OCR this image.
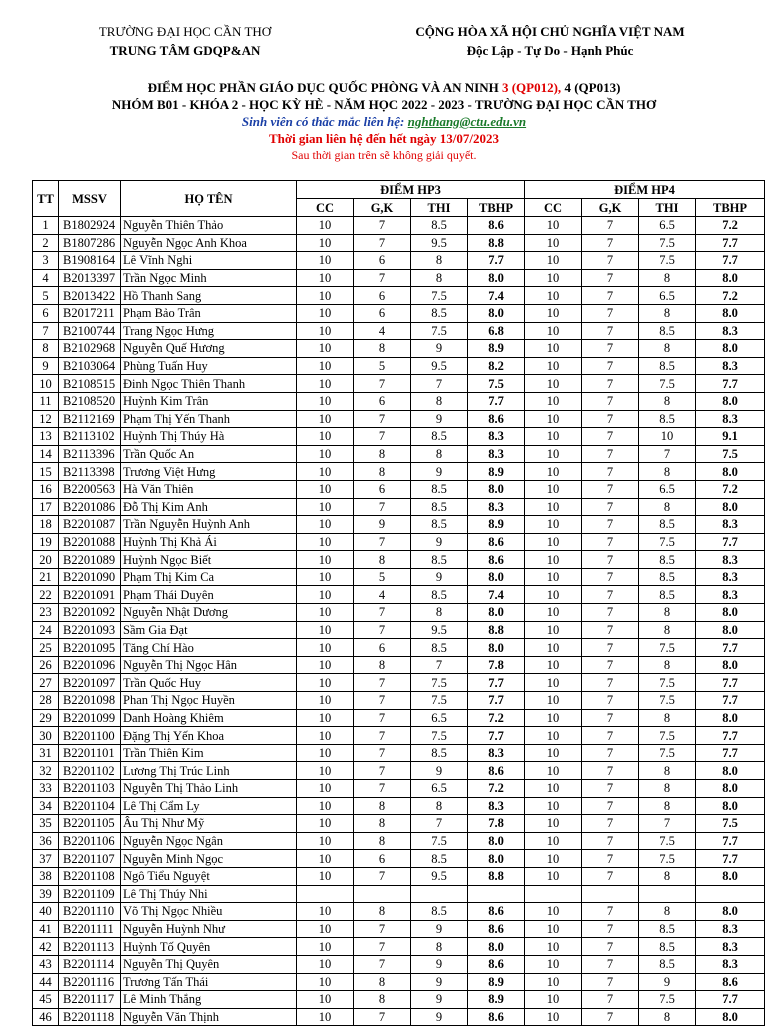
TRƯỜNG ĐẠI HỌC CẦN THƠ
TRUNG TÂM GDQP&AN
CỘNG HÒA XÃ HỘI CHỦ NGHĨA VIỆT NAM
Độc Lập - Tự Do - Hạnh Phúc
ĐIỂM HỌC PHẦN GIÁO DỤC QUỐC PHÒNG VÀ AN NINH 3 (QP012), 4 (QP013)
NHÓM B01 - KHÓA 2 - HỌC KỲ HÈ - NĂM HỌC 2022 - 2023 - TRƯỜNG ĐẠI HỌC CẦN THƠ
Sinh viên có thắc mắc liên hệ: nghthang@ctu.edu.vn
Thời gian liên hệ đến hết ngày 13/07/2023
Sau thời gian trên sẽ không giải quyết.
TT	MSSV	HỌ TÊN	ĐIỂM HP3				ĐIỂM HP4			
			CC	G,K	THI	TBHP	CC	G,K	THI	TBHP
1	B1802924	Nguyễn Thiên Thảo	10	7	8.5	8.6	10	7	6.5	7.2
2	B1807286	Nguyễn Ngọc Anh Khoa	10	7	9.5	8.8	10	7	7.5	7.7
3	B1908164	Lê Vĩnh Nghi	10	6	8	7.7	10	7	7.5	7.7
4	B2013397	Trần Ngọc Minh	10	7	8	8.0	10	7	8	8.0
5	B2013422	Hồ Thanh Sang	10	6	7.5	7.4	10	7	6.5	7.2
6	B2017211	Phạm Bảo Trân	10	6	8.5	8.0	10	7	8	8.0
7	B2100744	Trang Ngọc Hưng	10	4	7.5	6.8	10	7	8.5	8.3
8	B2102968	Nguyễn Quế Hương	10	8	9	8.9	10	7	8	8.0
9	B2103064	Phùng Tuấn Huy	10	5	9.5	8.2	10	7	8.5	8.3
10	B2108515	Đinh Ngọc Thiên Thanh	10	7	7	7.5	10	7	7.5	7.7
11	B2108520	Huỳnh Kim Trân	10	6	8	7.7	10	7	8	8.0
12	B2112169	Phạm Thị Yến Thanh	10	7	9	8.6	10	7	8.5	8.3
13	B2113102	Huỳnh Thị Thúy Hà	10	7	8.5	8.3	10	7	10	9.1
14	B2113396	Trần Quốc An	10	8	8	8.3	10	7	7	7.5
15	B2113398	Trương Việt Hưng	10	8	9	8.9	10	7	8	8.0
16	B2200563	Hà Văn Thiên	10	6	8.5	8.0	10	7	6.5	7.2
17	B2201086	Đỗ Thị Kim Anh	10	7	8.5	8.3	10	7	8	8.0
18	B2201087	Trần Nguyễn Huỳnh Anh	10	9	8.5	8.9	10	7	8.5	8.3
19	B2201088	Huỳnh Thị Khả Ái	10	7	9	8.6	10	7	7.5	7.7
20	B2201089	Huỳnh Ngọc Biết	10	8	8.5	8.6	10	7	8.5	8.3
21	B2201090	Phạm Thị Kim Ca	10	5	9	8.0	10	7	8.5	8.3
22	B2201091	Phạm Thái Duyên	10	4	8.5	7.4	10	7	8.5	8.3
23	B2201092	Nguyễn Nhật Dương	10	7	8	8.0	10	7	8	8.0
24	B2201093	Sầm Gia Đạt	10	7	9.5	8.8	10	7	8	8.0
25	B2201095	Tăng Chí Hào	10	6	8.5	8.0	10	7	7.5	7.7
26	B2201096	Nguyễn Thị Ngọc Hân	10	8	7	7.8	10	7	8	8.0
27	B2201097	Trần Quốc Huy	10	7	7.5	7.7	10	7	7.5	7.7
28	B2201098	Phan Thị Ngọc Huyền	10	7	7.5	7.7	10	7	7.5	7.7
29	B2201099	Danh Hoàng Khiêm	10	7	6.5	7.2	10	7	8	8.0
30	B2201100	Đặng Thị Yến Khoa	10	7	7.5	7.7	10	7	7.5	7.7
31	B2201101	Trần Thiên Kim	10	7	8.5	8.3	10	7	7.5	7.7
32	B2201102	Lương Thị Trúc Linh	10	7	9	8.6	10	7	8	8.0
33	B2201103	Nguyễn Thị Thảo Linh	10	7	6.5	7.2	10	7	8	8.0
34	B2201104	Lê Thị Cẩm Ly	10	8	8	8.3	10	7	8	8.0
35	B2201105	Âu Thị Như Mỹ	10	8	7	7.8	10	7	7	7.5
36	B2201106	Nguyễn Ngọc Ngân	10	8	7.5	8.0	10	7	7.5	7.7
37	B2201107	Nguyễn Minh Ngọc	10	6	8.5	8.0	10	7	7.5	7.7
38	B2201108	Ngô Tiểu Nguyệt	10	7	9.5	8.8	10	7	8	8.0
39	B2201109	Lê Thị Thúy Nhi								
40	B2201110	Võ Thị Ngọc Nhiều	10	8	8.5	8.6	10	7	8	8.0
41	B2201111	Nguyễn Huỳnh Như	10	7	9	8.6	10	7	8.5	8.3
42	B2201113	Huỳnh Tố Quyên	10	7	8	8.0	10	7	8.5	8.3
43	B2201114	Nguyễn Thị Quyên	10	7	9	8.6	10	7	8.5	8.3
44	B2201116	Trương Tấn Thái	10	8	9	8.9	10	7	9	8.6
45	B2201117	Lê Minh Thắng	10	8	9	8.9	10	7	7.5	7.7
46	B2201118	Nguyễn Văn Thịnh	10	7	9	8.6	10	7	8	8.0
